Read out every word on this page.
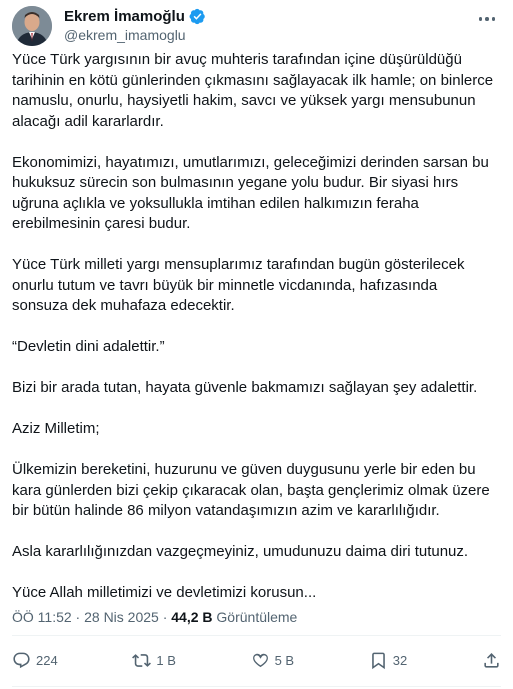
Ekrem İmamoğlu
@ekrem_imamoglu
Yüce Türk yargısının bir avuç muhteris tarafından içine düşürüldüğü
tarihinin en kötü günlerinden çıkmasını sağlayacak ilk hamle; on binlerce
namuslu, onurlu, haysiyetli hakim, savcı ve yüksek yargı mensubunun
alacağı adil kararlardır.
Ekonomimizi, hayatımızı, umutlarımızı, geleceğimizi derinden sarsan bu
hukuksuz sürecin son bulmasının yegane yolu budur. Bir siyasi hırs
uğruna açlıkla ve yoksullukla imtihan edilen halkımızın feraha
erebilmesinin çaresi budur.
Yüce Türk milleti yargı mensuplarımız tarafından bugün gösterilecek
onurlu tutum ve tavrı büyük bir minnetle vicdanında, hafızasında
sonsuza dek muhafaza edecektir.
“Devletin dini adalettir.”
Bizi bir arada tutan, hayata güvenle bakmamızı sağlayan şey adalettir.
Aziz Milletim;
Ülkemizin bereketini, huzurunu ve güven duygusunu yerle bir eden bu
kara günlerden bizi çekip çıkaracak olan, başta gençlerimiz olmak üzere
bir bütün halinde 86 milyon vatandaşımızın azim ve kararlılığıdır.
Asla kararlılığınızdan vazgeçmeyiniz, umudunuzu daima diri tutunuz.
Yüce Allah milletimizi ve devletimizi korusun...
ÖÖ 11:52 · 28 Nis 2025 · 44,2 B Görüntüleme
224	1 B	5 B	32
